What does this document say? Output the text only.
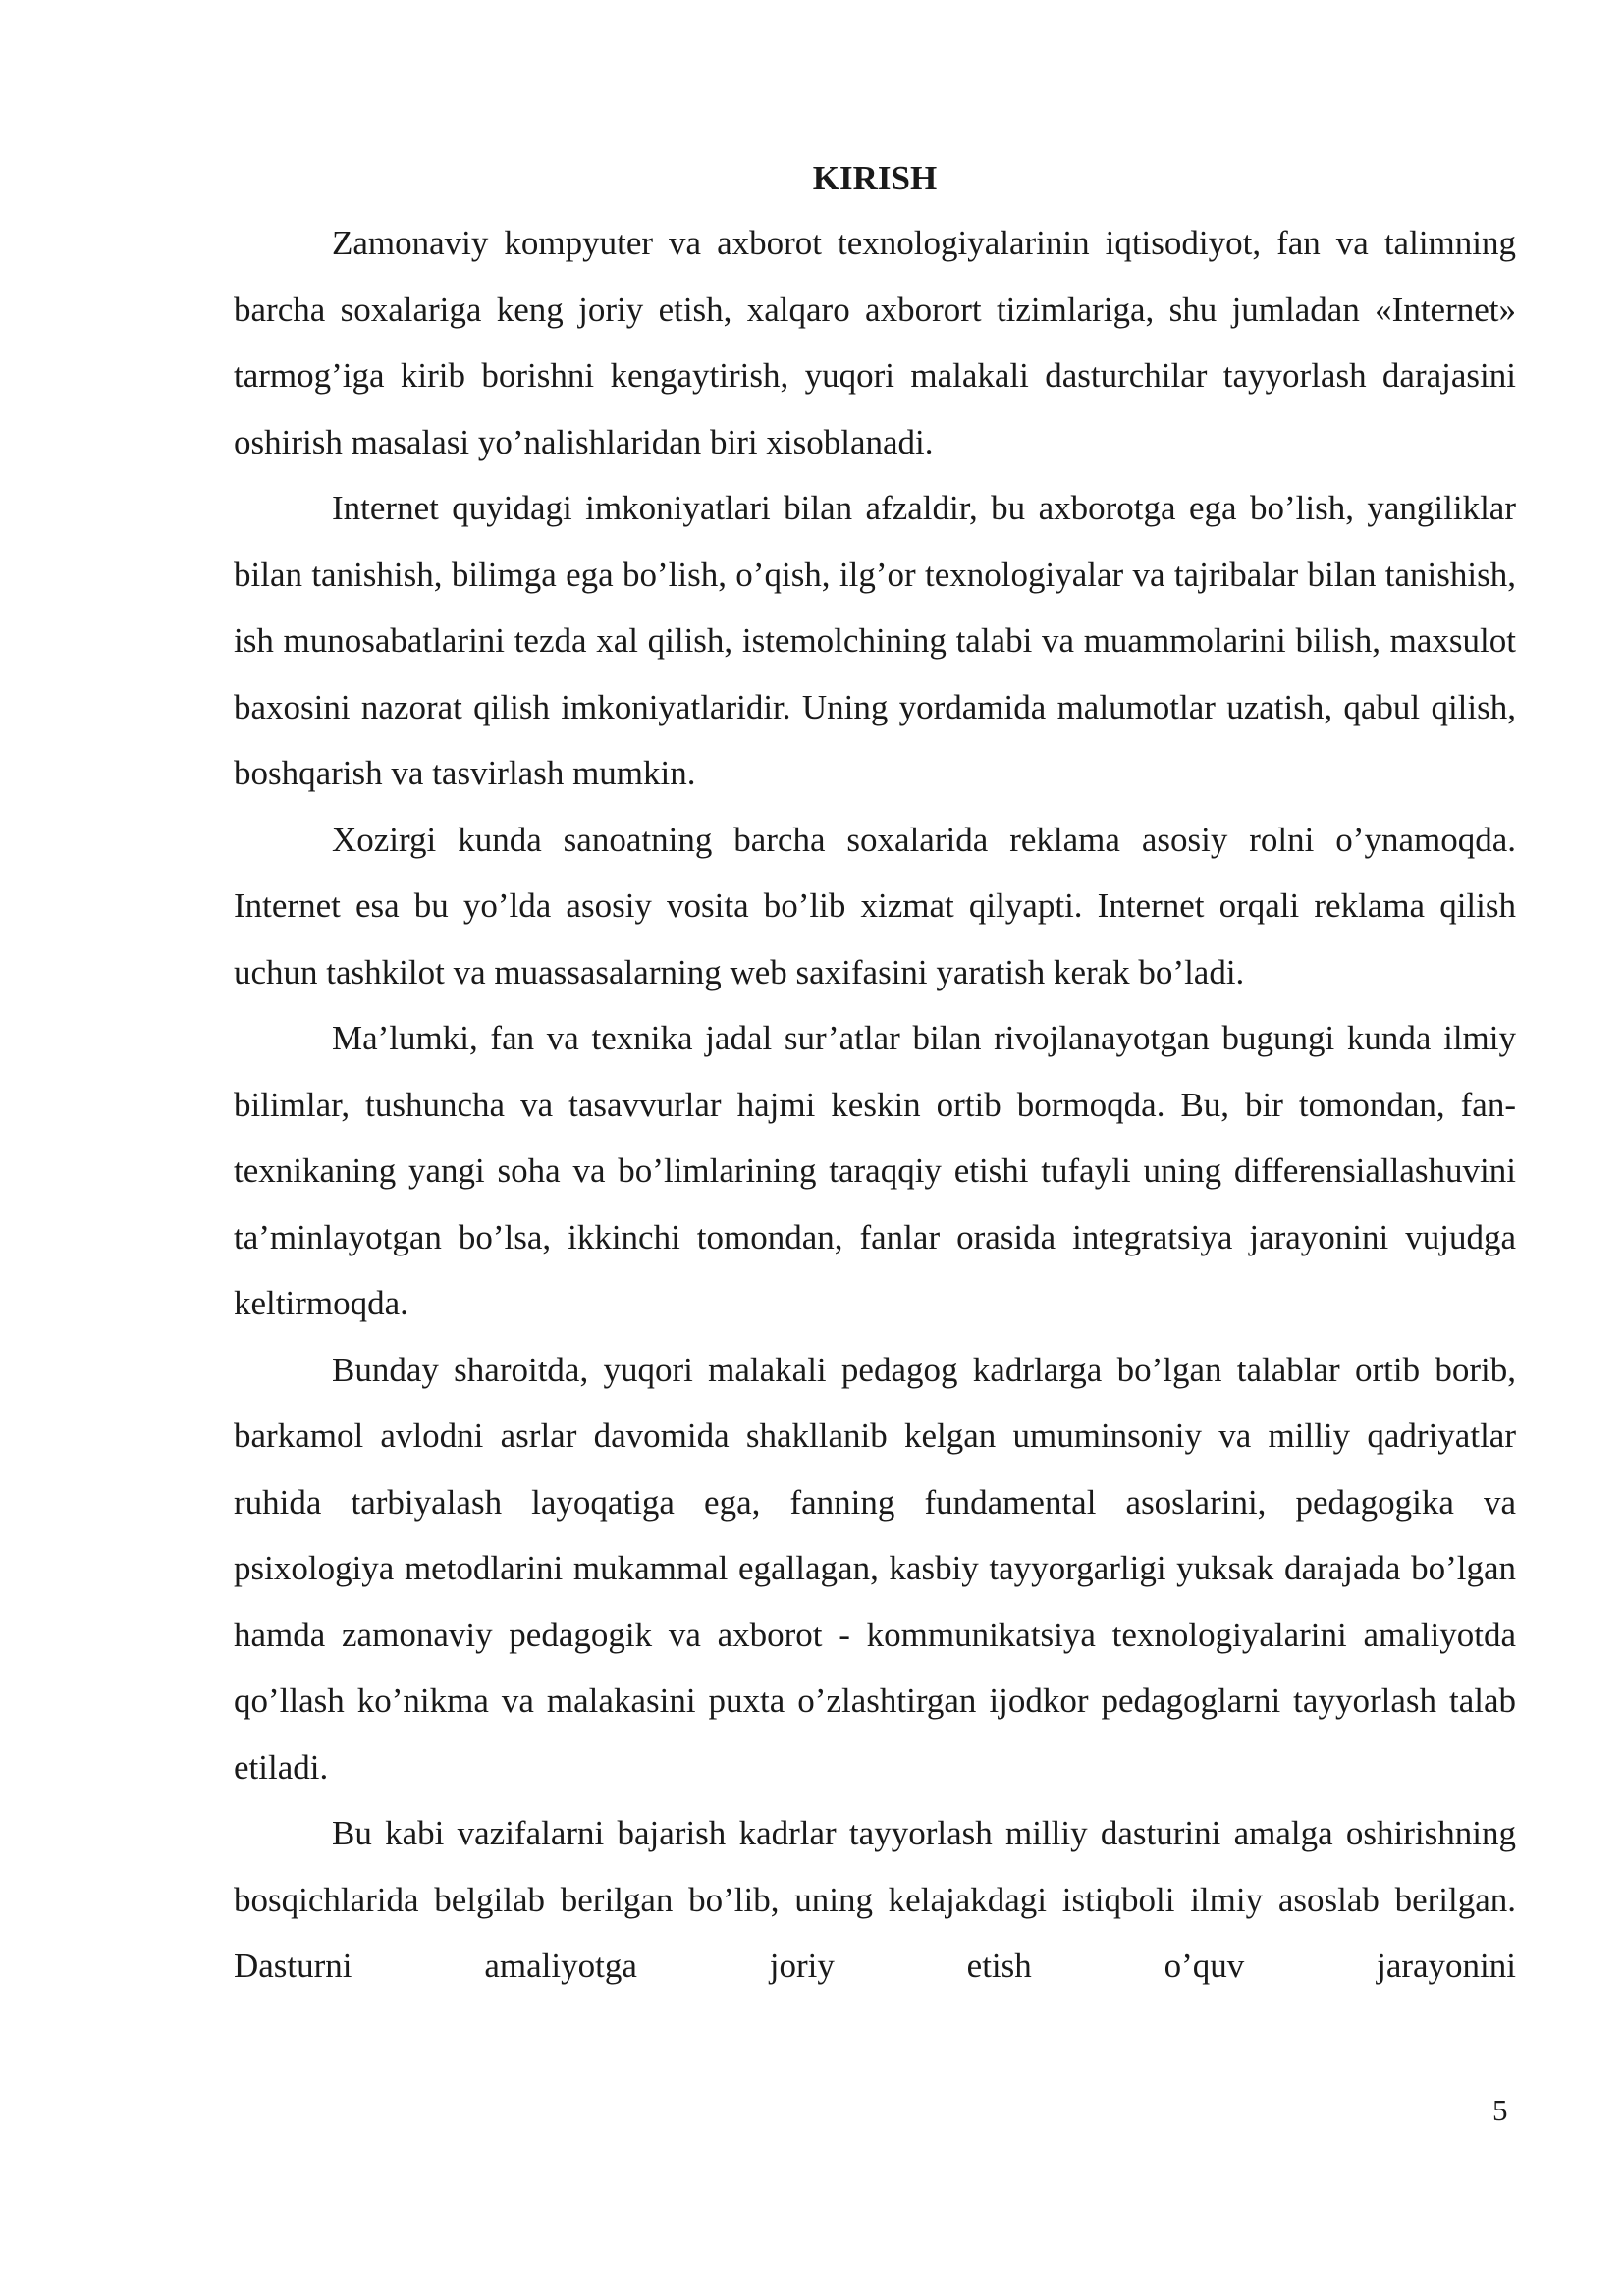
KIRISH

Zamonaviy kompyuter va axborot texnologiyalarinin iqtisodiyot, fan va talimning barcha soxalariga keng joriy etish, xalqaro axborort tizimlariga, shu jumladan «Internet» tarmog’iga kirib borishni kengaytirish, yuqori malakali dasturchilar tayyorlash darajasini oshirish masalasi yo’nalishlaridan biri xisoblanadi.

Internet quyidagi imkoniyatlari bilan afzaldir, bu axborotga ega bo’lish, yangiliklar bilan tanishish, bilimga ega bo’lish, o’qish, ilg’or texnologiyalar va tajribalar bilan tanishish, ish munosabatlarini tezda xal qilish, istemolchining talabi va muammolarini bilish, maxsulot baxosini nazorat qilish imkoniyatlaridir. Uning yordamida malumotlar uzatish, qabul qilish, boshqarish va tasvirlash mumkin.

Xozirgi kunda sanoatning barcha soxalarida reklama asosiy rolni o’ynamoqda. Internet esa bu yo’lda asosiy vosita bo’lib xizmat qilyapti. Internet orqali reklama qilish uchun tashkilot va muassasalarning web saxifasini yaratish kerak bo’ladi.

Ma’lumki, fan va texnika jadal sur’atlar bilan rivojlanayotgan bugungi kunda ilmiy bilimlar, tushuncha va tasavvurlar hajmi keskin ortib bormoqda. Bu, bir tomondan, fan-texnikaning yangi soha va bo’limlarining taraqqiy etishi tufayli uning differensiallashuvini ta’minlayotgan bo’lsa, ikkinchi tomondan, fanlar orasida integratsiya jarayonini vujudga keltirmoqda.

Bunday sharoitda, yuqori malakali pedagog kadrlarga bo’lgan talablar ortib borib, barkamol avlodni asrlar davomida shakllanib kelgan umuminsoniy va milliy qadriyatlar ruhida tarbiyalash layoqatiga ega, fanning fundamental asoslarini, pedagogika va psixologiya metodlarini mukammal egallagan, kasbiy tayyorgarligi yuksak darajada bo’lgan hamda zamonaviy pedagogik va axborot - kommunikatsiya texnologiyalarini amaliyotda qo’llash ko’nikma va malakasini puxta o’zlashtirgan ijodkor pedagoglarni tayyorlash talab etiladi.

Bu kabi vazifalarni bajarish kadrlar tayyorlash milliy dasturini amalga oshirishning bosqichlarida belgilab berilgan bo’lib, uning kelajakdagi istiqboli ilmiy asoslab berilgan. Dasturni amaliyotga joriy etish o’quv jarayonini

5
